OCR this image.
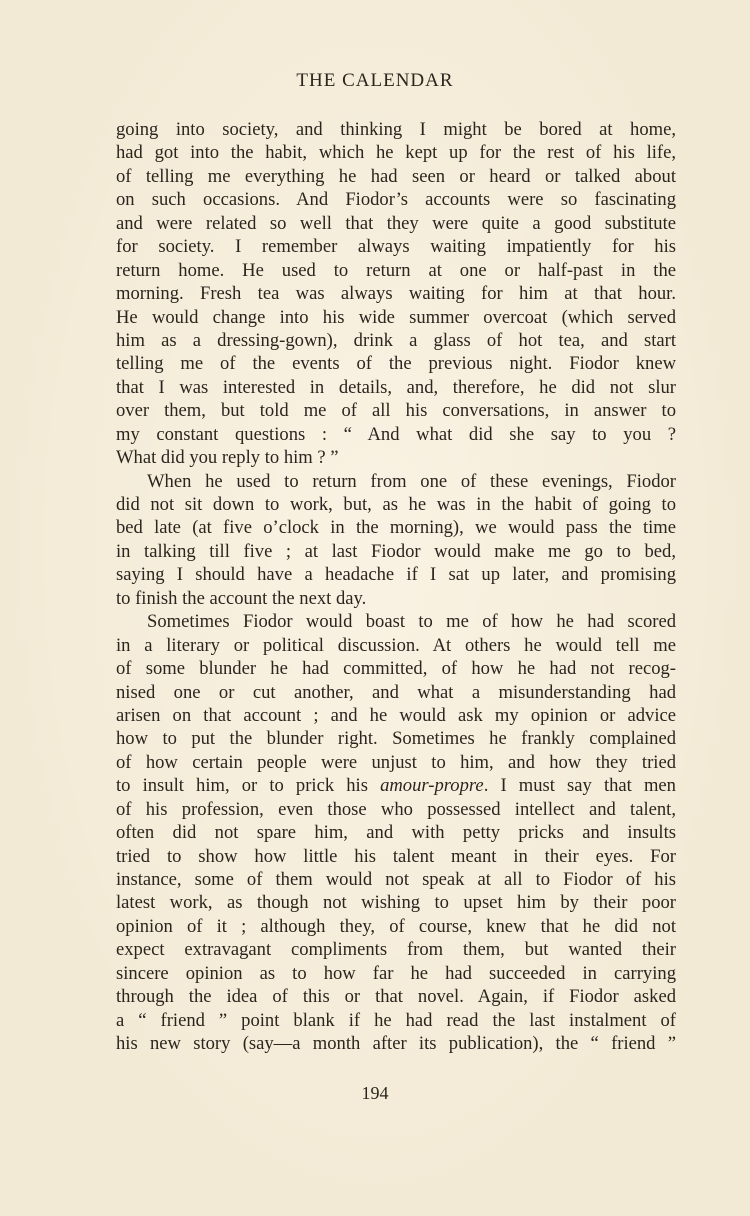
THE CALENDAR
going into society, and thinking I might be bored at home,
had got into the habit, which he kept up for the rest of his life,
of telling me everything he had seen or heard or talked about
on such occasions. And Fiodor’s accounts were so fascinating
and were related so well that they were quite a good substitute
for society. I remember always waiting impatiently for his
return home. He used to return at one or half-past in the
morning. Fresh tea was always waiting for him at that hour.
He would change into his wide summer overcoat (which served
him as a dressing-gown), drink a glass of hot tea, and start
telling me of the events of the previous night. Fiodor knew
that I was interested in details, and, therefore, he did not slur
over them, but told me of all his conversations, in answer to
my constant questions : “ And what did she say to you ?
What did you reply to him ? ”
When he used to return from one of these evenings, Fiodor
did not sit down to work, but, as he was in the habit of going to
bed late (at five o’clock in the morning), we would pass the time
in talking till five ; at last Fiodor would make me go to bed,
saying I should have a headache if I sat up later, and promising
to finish the account the next day.
Sometimes Fiodor would boast to me of how he had scored
in a literary or political discussion. At others he would tell me
of some blunder he had committed, of how he had not recog-
nised one or cut another, and what a misunderstanding had
arisen on that account ; and he would ask my opinion or advice
how to put the blunder right. Sometimes he frankly complained
of how certain people were unjust to him, and how they tried
to insult him, or to prick his amour-propre. I must say that men
of his profession, even those who possessed intellect and talent,
often did not spare him, and with petty pricks and insults
tried to show how little his talent meant in their eyes. For
instance, some of them would not speak at all to Fiodor of his
latest work, as though not wishing to upset him by their poor
opinion of it ; although they, of course, knew that he did not
expect extravagant compliments from them, but wanted their
sincere opinion as to how far he had succeeded in carrying
through the idea of this or that novel. Again, if Fiodor asked
a “ friend ” point blank if he had read the last instalment of
his new story (say—a month after its publication), the “ friend ”
194
